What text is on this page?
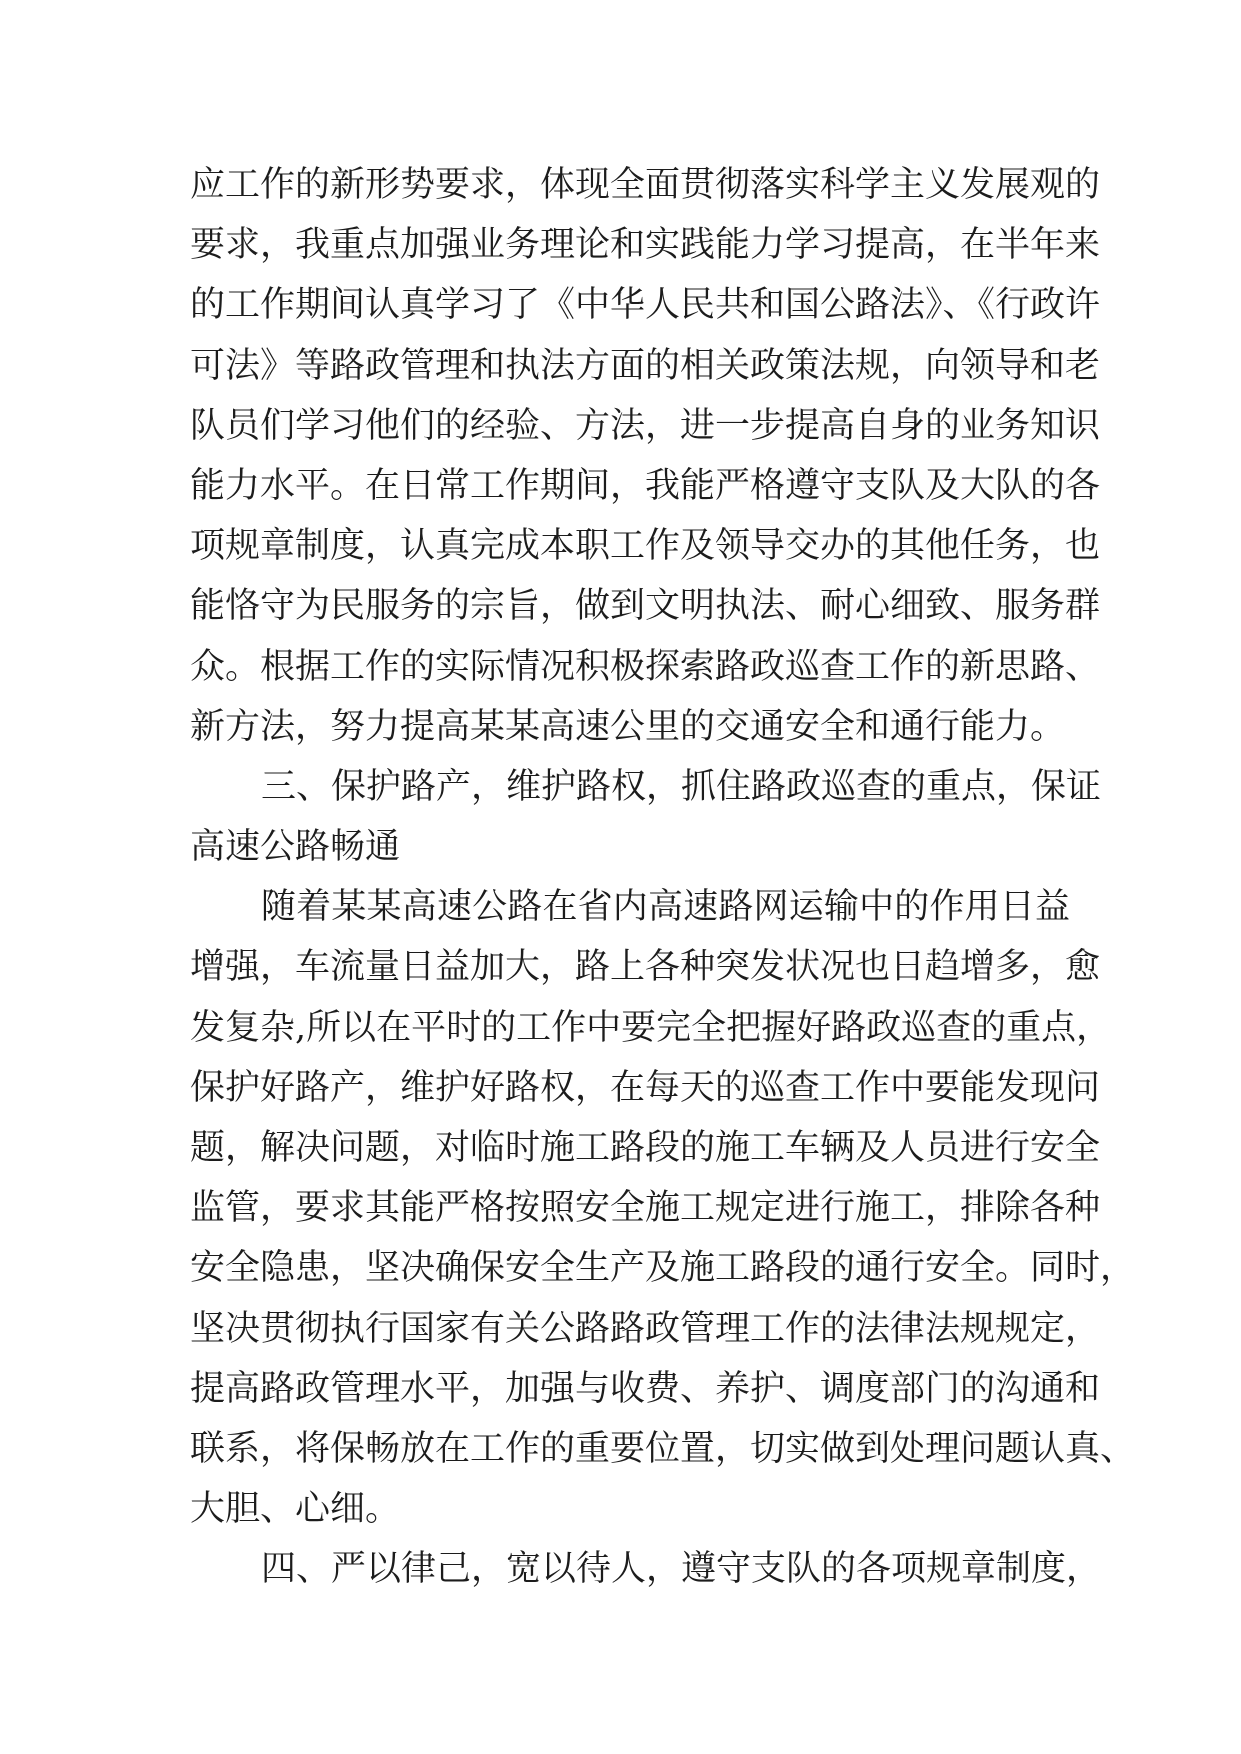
应工作的新形势要求，体现全面贯彻落实科学主义发展观的
要求，我重点加强业务理论和实践能力学习提高，在半年来
的工作期间认真学习了《中华人民共和国公路法》、《行政许
可法》等路政管理和执法方面的相关政策法规，向领导和老
队员们学习他们的经验、方法，进一步提高自身的业务知识
能力水平。在日常工作期间，我能严格遵守支队及大队的各
项规章制度，认真完成本职工作及领导交办的其他任务，也
能恪守为民服务的宗旨，做到文明执法、耐心细致、服务群
众。根据工作的实际情况积极探索路政巡查工作的新思路、
新方法，努力提高某某高速公里的交通安全和通行能力。
三、保护路产，维护路权，抓住路政巡查的重点，保证
高速公路畅通
随着某某高速公路在省内高速路网运输中的作用日益
增强，车流量日益加大，路上各种突发状况也日趋增多，愈
发复杂,所以在平时的工作中要完全把握好路政巡查的重点，
保护好路产，维护好路权，在每天的巡查工作中要能发现问
题，解决问题，对临时施工路段的施工车辆及人员进行安全
监管，要求其能严格按照安全施工规定进行施工，排除各种
安全隐患，坚决确保安全生产及施工路段的通行安全。同时，
坚决贯彻执行国家有关公路路政管理工作的法律法规规定，
提高路政管理水平，加强与收费、养护、调度部门的沟通和
联系，将保畅放在工作的重要位置，切实做到处理问题认真、
大胆、心细。
四、严以律己，宽以待人，遵守支队的各项规章制度，
